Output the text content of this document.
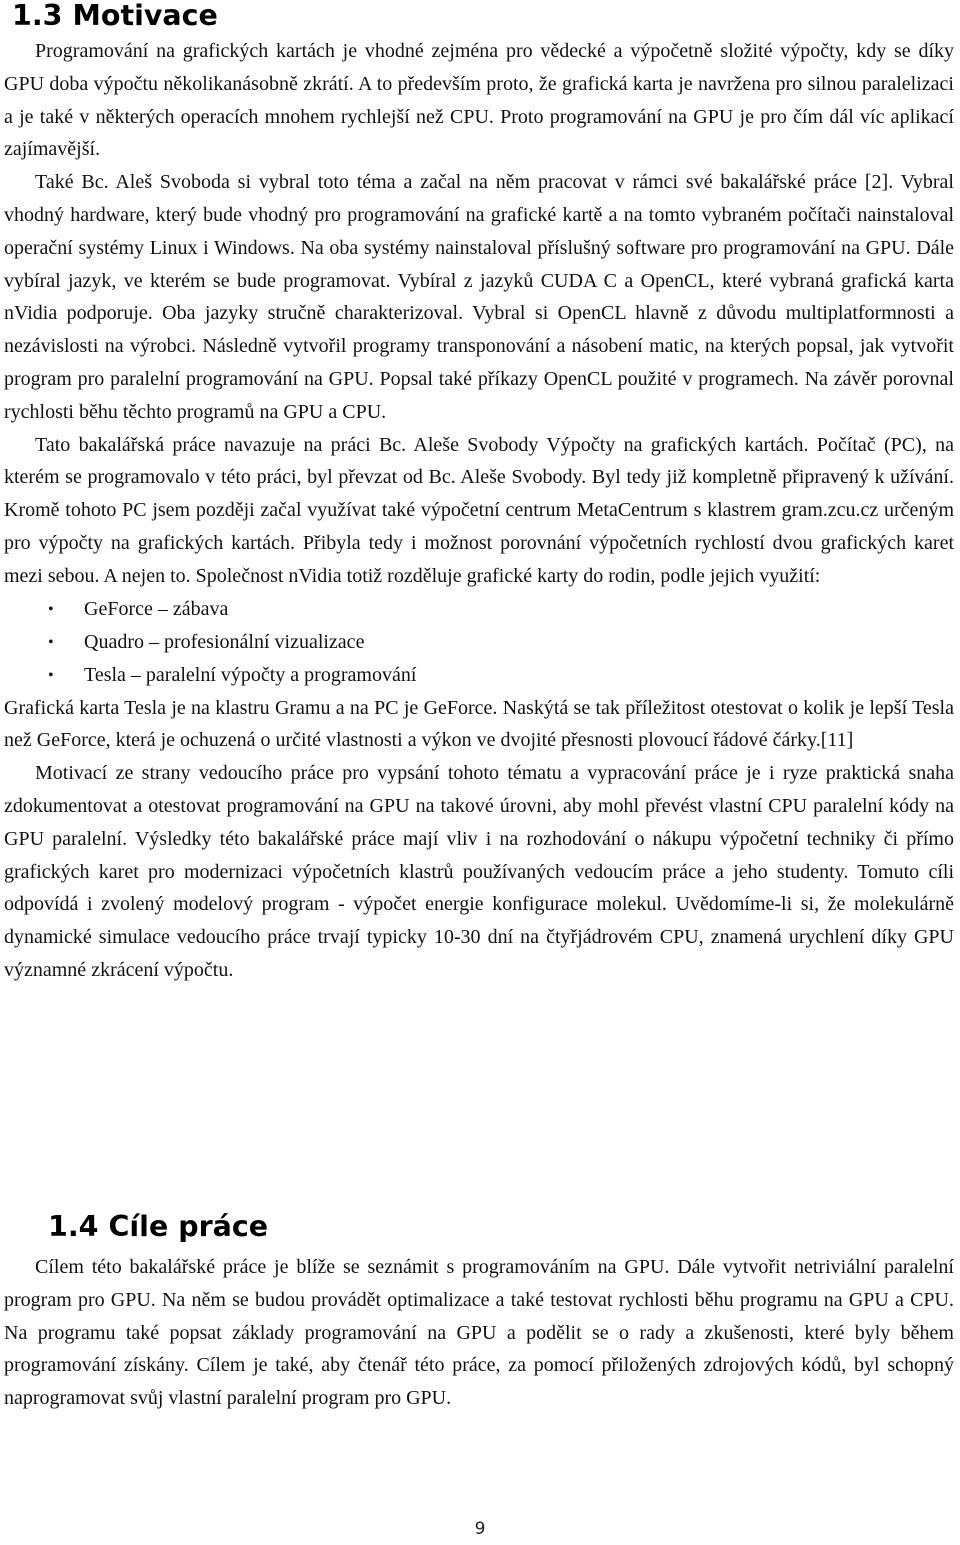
1.3 Motivace

Programování na grafických kartách je vhodné zejména pro vědecké a výpočetně složité výpočty, kdy se díky GPU doba výpočtu několikanásobně zkrátí. A to především proto, že grafická karta je navržena pro silnou paralelizaci a je také v některých operacích mnohem rychlejší než CPU. Proto programování na GPU je pro čím dál víc aplikací zajímavější.

Také Bc. Aleš Svoboda si vybral toto téma a začal na něm pracovat v rámci své bakalářské práce [2]. Vybral vhodný hardware, který bude vhodný pro programování na grafické kartě a na tomto vybraném počítači nainstaloval operační systémy Linux i Windows. Na oba systémy nainstaloval příslušný software pro programování na GPU. Dále vybíral jazyk, ve kterém se bude programovat. Vybíral z jazyků CUDA C a OpenCL, které vybraná grafická karta nVidia podporuje. Oba jazyky stručně charakterizoval. Vybral si OpenCL hlavně z důvodu multiplatformnosti a nezávislosti na výrobci. Následně vytvořil programy transponování a násobení matic, na kterých popsal, jak vytvořit program pro paralelní programování na GPU. Popsal také příkazy OpenCL použité v programech. Na závěr porovnal rychlosti běhu těchto programů na GPU a CPU.

Tato bakalářská práce navazuje na práci Bc. Aleše Svobody Výpočty na grafických kartách. Počítač (PC), na kterém se programovalo v této práci, byl převzat od Bc. Aleše Svobody. Byl tedy již kompletně připravený k užívání. Kromě tohoto PC jsem později začal využívat také výpočetní centrum MetaCentrum s klastrem gram.zcu.cz určeným pro výpočty na grafických kartách. Přibyla tedy i možnost porovnání výpočetních rychlostí dvou grafických karet mezi sebou. A nejen to. Společnost nVidia totiž rozděluje grafické karty do rodin, podle jejich využití:

• GeForce – zábava
• Quadro – profesionální vizualizace
• Tesla – paralelní výpočty a programování

Grafická karta Tesla je na klastru Gramu a na PC je GeForce. Naskýtá se tak příležitost otestovat o kolik je lepší Tesla než GeForce, která je ochuzená o určité vlastnosti a výkon ve dvojité přesnosti plovoucí řádové čárky.[11]

Motivací ze strany vedoucího práce pro vypsání tohoto tématu a vypracování práce je i ryze praktická snaha zdokumentovat a otestovat programování na GPU na takové úrovni, aby mohl převést vlastní CPU paralelní kódy na GPU paralelní. Výsledky této bakalářské práce mají vliv i na rozhodování o nákupu výpočetní techniky či přímo grafických karet pro modernizaci výpočetních klastrů používaných vedoucím práce a jeho studenty. Tomuto cíli odpovídá i zvolený modelový program - výpočet energie konfigurace molekul. Uvědomíme-li si, že molekulárně dynamické simulace vedoucího práce trvají typicky 10-30 dní na čtyřjádrovém CPU, znamená urychlení díky GPU významné zkrácení výpočtu.

1.4 Cíle práce

Cílem této bakalářské práce je blíže se seznámit s programováním na GPU. Dále vytvořit netriviální paralelní program pro GPU. Na něm se budou provádět optimalizace a také testovat rychlosti běhu programu na GPU a CPU. Na programu také popsat základy programování na GPU a podělit se o rady a zkušenosti, které byly během programování získány. Cílem je také, aby čtenář této práce, za pomocí přiložených zdrojových kódů, byl schopný naprogramovat svůj vlastní paralelní program pro GPU.

9
